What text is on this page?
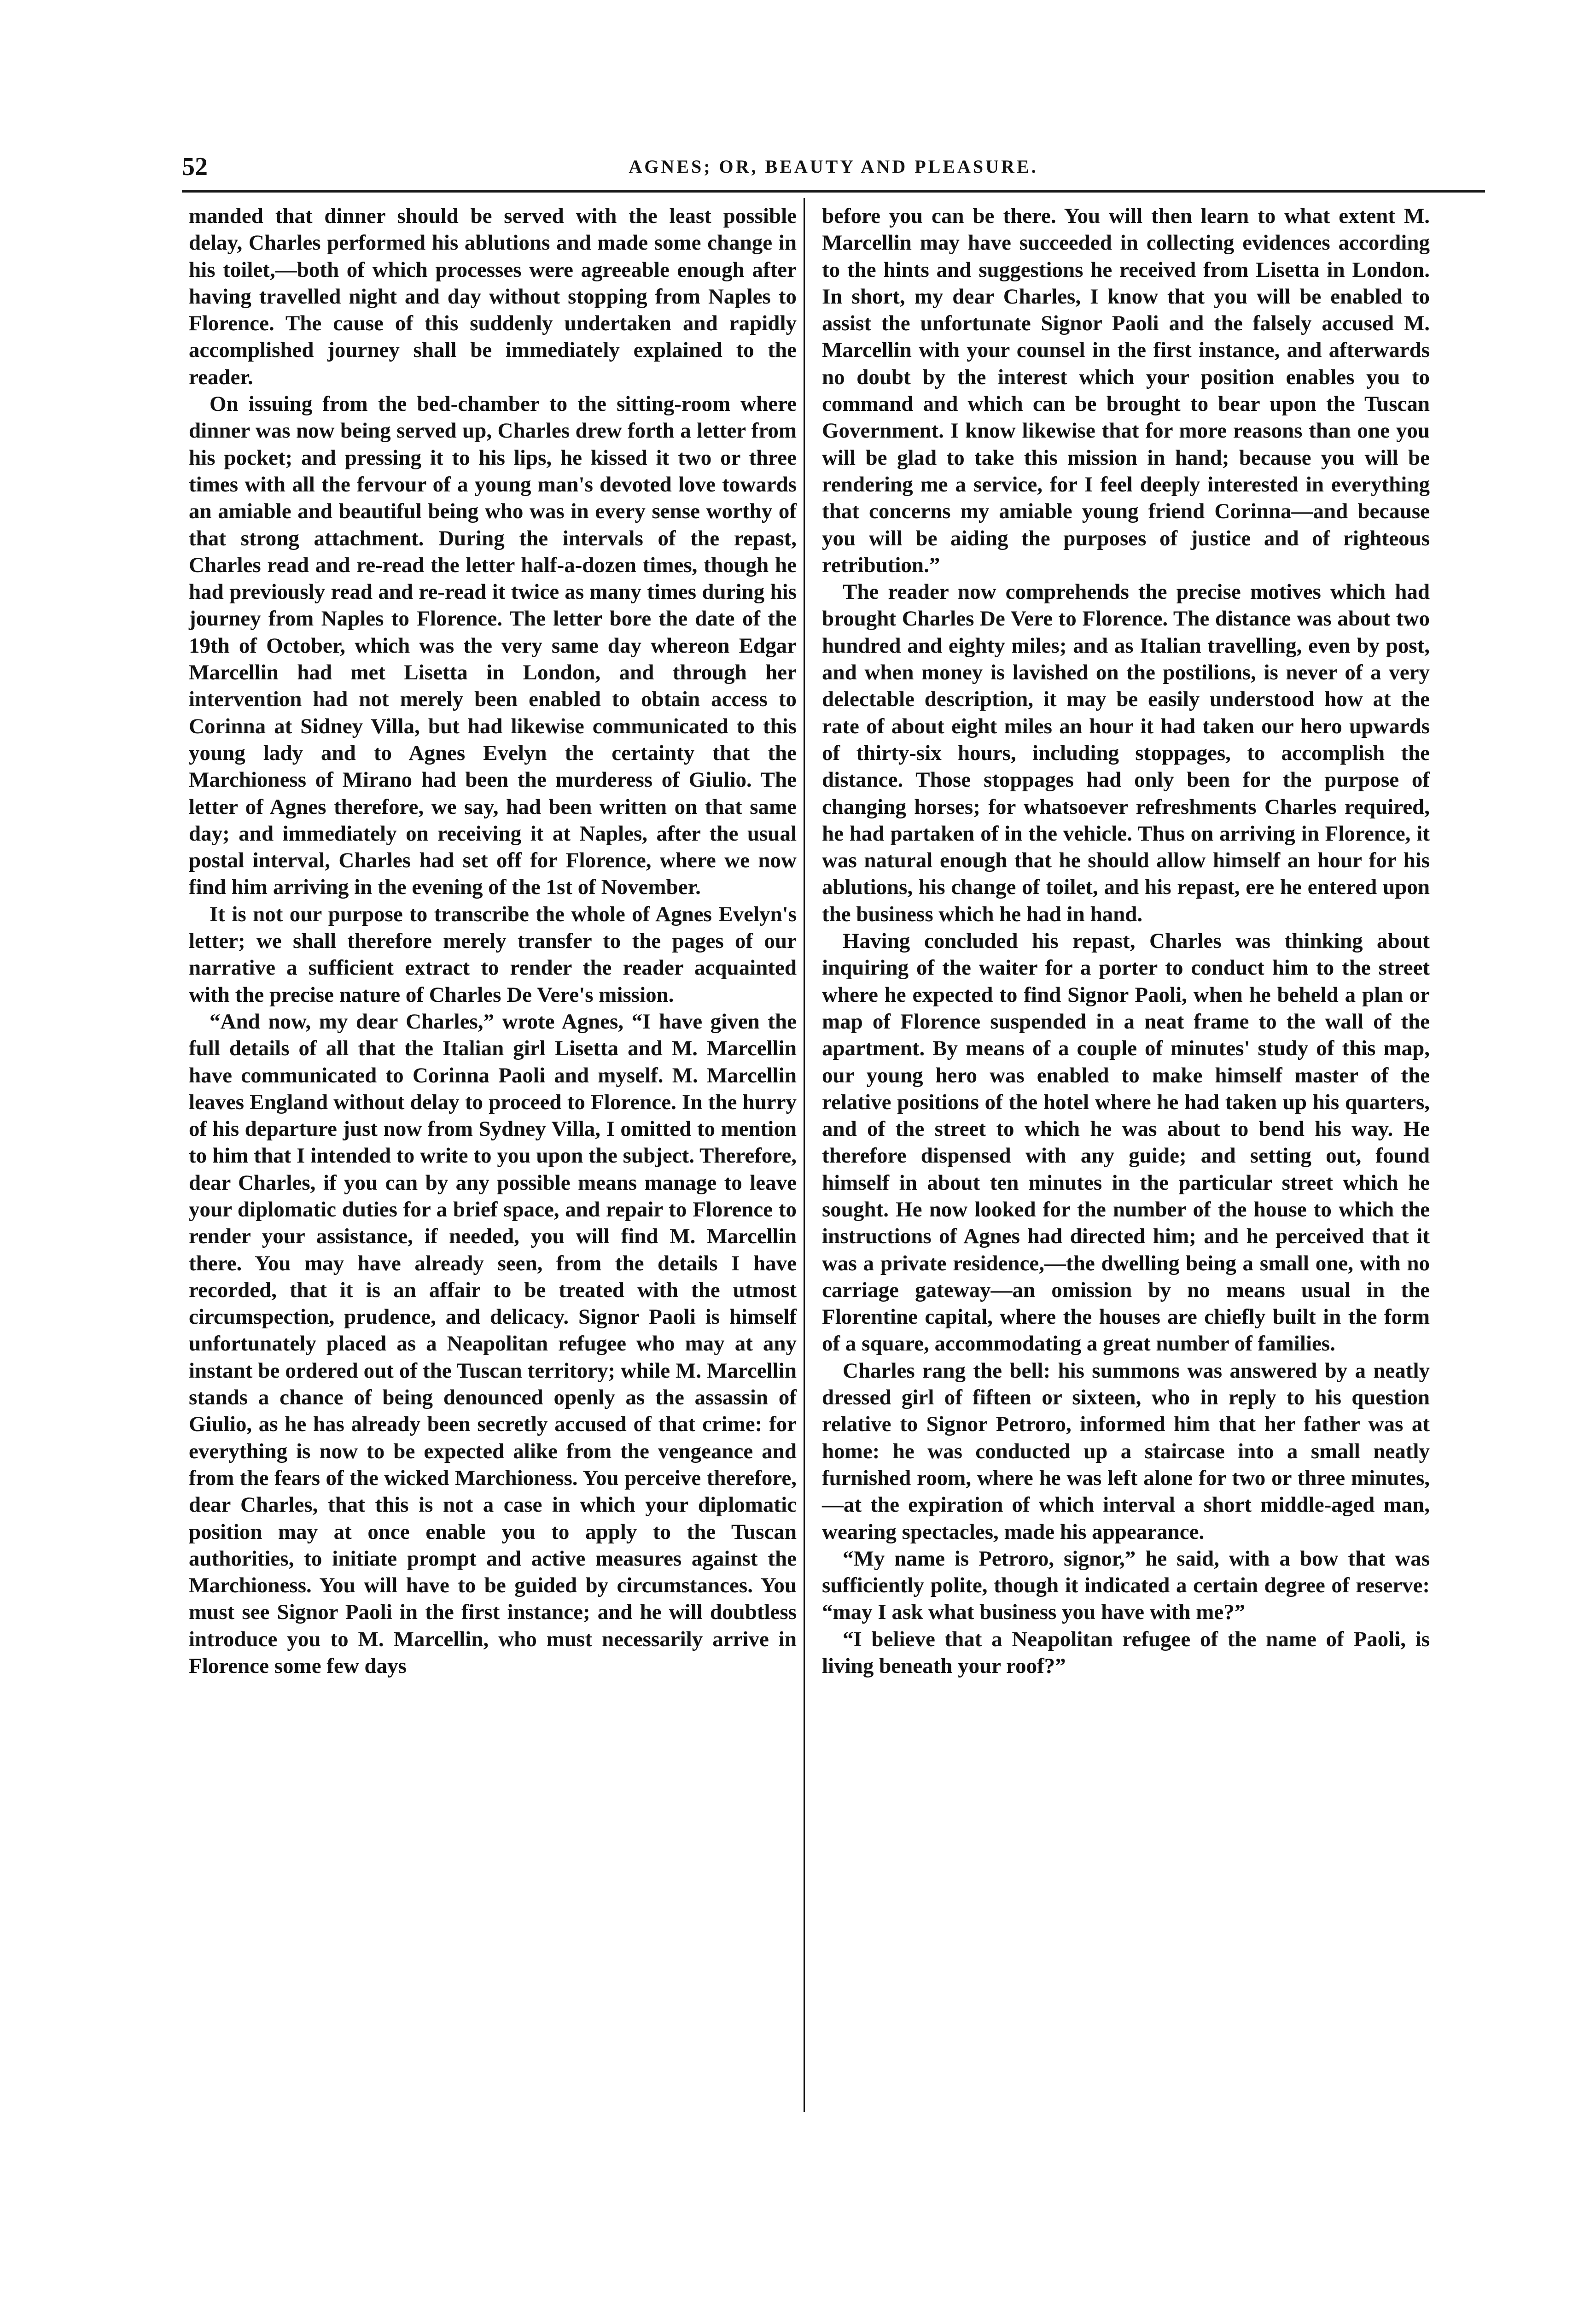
52	AGNES; OR, BEAUTY AND PLEASURE.

manded that dinner should be served with the least possible delay, Charles performed his ablutions and made some change in his toilet,—both of which processes were agreeable enough after having travelled night and day without stopping from Naples to Florence. The cause of this suddenly undertaken and rapidly accomplished journey shall be immediately explained to the reader.

On issuing from the bed-chamber to the sitting-room where dinner was now being served up, Charles drew forth a letter from his pocket; and pressing it to his lips, he kissed it two or three times with all the fervour of a young man's devoted love towards an amiable and beautiful being who was in every sense worthy of that strong attachment. During the intervals of the repast, Charles read and re-read the letter half-a-dozen times, though he had previously read and re-read it twice as many times during his journey from Naples to Florence. The letter bore the date of the 19th of October, which was the very same day whereon Edgar Marcellin had met Lisetta in London, and through her intervention had not merely been enabled to obtain access to Corinna at Sidney Villa, but had likewise communicated to this young lady and to Agnes Evelyn the certainty that the Marchioness of Mirano had been the murderess of Giulio. The letter of Agnes therefore, we say, had been written on that same day; and immediately on receiving it at Naples, after the usual postal interval, Charles had set off for Florence, where we now find him arriving in the evening of the 1st of November.

It is not our purpose to transcribe the whole of Agnes Evelyn's letter; we shall therefore merely transfer to the pages of our narrative a sufficient extract to render the reader acquainted with the precise nature of Charles De Vere's mission.

“And now, my dear Charles,” wrote Agnes, “I have given the full details of all that the Italian girl Lisetta and M. Marcellin have communicated to Corinna Paoli and myself. M. Marcellin leaves England without delay to proceed to Florence. In the hurry of his departure just now from Sydney Villa, I omitted to mention to him that I intended to write to you upon the subject. Therefore, dear Charles, if you can by any possible means manage to leave your diplomatic duties for a brief space, and repair to Florence to render your assistance, if needed, you will find M. Marcellin there. You may have already seen, from the details I have recorded, that it is an affair to be treated with the utmost circumspection, prudence, and delicacy. Signor Paoli is himself unfortunately placed as a Neapolitan refugee who may at any instant be ordered out of the Tuscan territory; while M. Marcellin stands a chance of being denounced openly as the assassin of Giulio, as he has already been secretly accused of that crime: for everything is now to be expected alike from the vengeance and from the fears of the wicked Marchioness. You perceive therefore, dear Charles, that this is not a case in which your diplomatic position may at once enable you to apply to the Tuscan authorities, to initiate prompt and active measures against the Marchioness. You will have to be guided by circumstances. You must see Signor Paoli in the first instance; and he will doubtless introduce you to M. Marcellin, who must necessarily arrive in Florence some few days

before you can be there. You will then learn to what extent M. Marcellin may have succeeded in collecting evidences according to the hints and suggestions he received from Lisetta in London. In short, my dear Charles, I know that you will be enabled to assist the unfortunate Signor Paoli and the falsely accused M. Marcellin with your counsel in the first instance, and afterwards no doubt by the interest which your position enables you to command and which can be brought to bear upon the Tuscan Government. I know likewise that for more reasons than one you will be glad to take this mission in hand; because you will be rendering me a service, for I feel deeply interested in everything that concerns my amiable young friend Corinna—and because you will be aiding the purposes of justice and of righteous retribution.”

The reader now comprehends the precise motives which had brought Charles De Vere to Florence. The distance was about two hundred and eighty miles; and as Italian travelling, even by post, and when money is lavished on the postilions, is never of a very delectable description, it may be easily understood how at the rate of about eight miles an hour it had taken our hero upwards of thirty-six hours, including stoppages, to accomplish the distance. Those stoppages had only been for the purpose of changing horses; for whatsoever refreshments Charles required, he had partaken of in the vehicle. Thus on arriving in Florence, it was natural enough that he should allow himself an hour for his ablutions, his change of toilet, and his repast, ere he entered upon the business which he had in hand.

Having concluded his repast, Charles was thinking about inquiring of the waiter for a porter to conduct him to the street where he expected to find Signor Paoli, when he beheld a plan or map of Florence suspended in a neat frame to the wall of the apartment. By means of a couple of minutes' study of this map, our young hero was enabled to make himself master of the relative positions of the hotel where he had taken up his quarters, and of the street to which he was about to bend his way. He therefore dispensed with any guide; and setting out, found himself in about ten minutes in the particular street which he sought. He now looked for the number of the house to which the instructions of Agnes had directed him; and he perceived that it was a private residence,—the dwelling being a small one, with no carriage gateway—an omission by no means usual in the Florentine capital, where the houses are chiefly built in the form of a square, accommodating a great number of families.

Charles rang the bell: his summons was answered by a neatly dressed girl of fifteen or sixteen, who in reply to his question relative to Signor Petroro, informed him that her father was at home: he was conducted up a staircase into a small neatly furnished room, where he was left alone for two or three minutes,—at the expiration of which interval a short middle-aged man, wearing spectacles, made his appearance.

“My name is Petroro, signor,” he said, with a bow that was sufficiently polite, though it indicated a certain degree of reserve: “may I ask what business you have with me?”

“I believe that a Neapolitan refugee of the name of Paoli, is living beneath your roof?”
